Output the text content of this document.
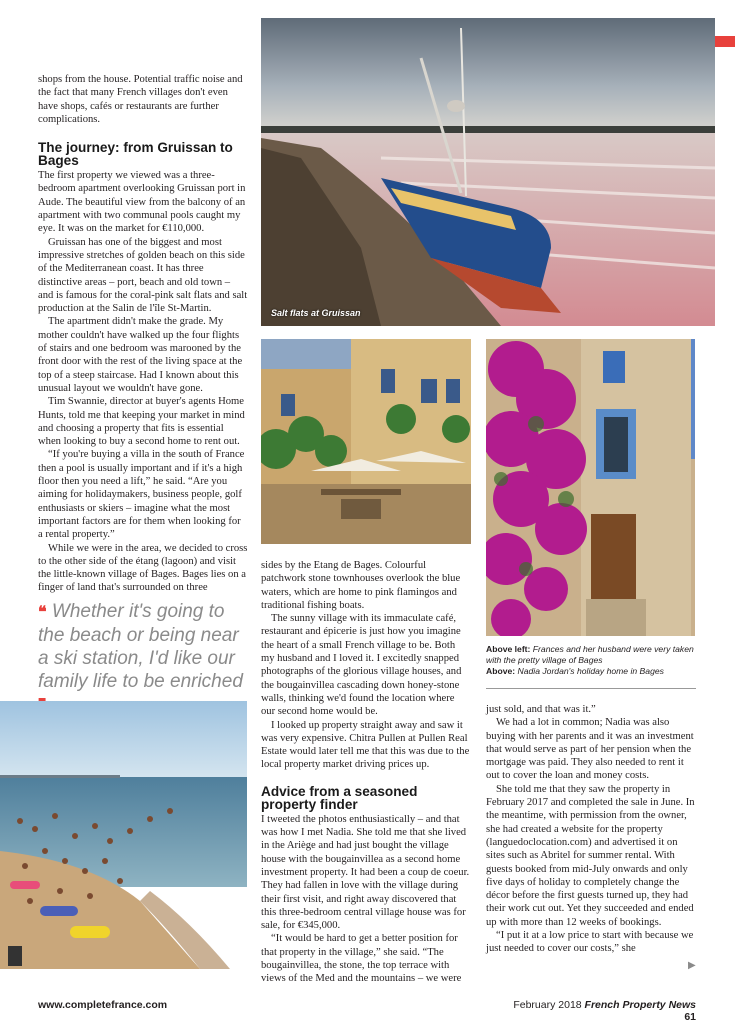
shops from the house. Potential traffic noise and the fact that many French villages don't even have shops, cafés or restaurants are further complications.

The journey: from Gruissan to Bages

The first property we viewed was a three-bedroom apartment overlooking Gruissan port in Aude. The beautiful view from the balcony of an apartment with two communal pools caught my eye. It was on the market for €110,000.

Gruissan has one of the biggest and most impressive stretches of golden beach on this side of the Mediterranean coast. It has three distinctive areas – port, beach and old town – and is famous for the coral-pink salt flats and salt production at the Salin de l'île St-Martin.

The apartment didn't make the grade. My mother couldn't have walked up the four flights of stairs and one bedroom was marooned by the front door with the rest of the living space at the top of a steep staircase. Had I known about this unusual layout we wouldn't have gone.

Tim Swannie, director at buyer's agents Home Hunts, told me that keeping your market in mind and choosing a property that fits is essential when looking to buy a second home to rent out.

“If you're buying a villa in the south of France then a pool is usually important and if it's a high floor then you need a lift,” he said. “Are you aiming for holidaymakers, business people, golf enthusiasts or skiers – imagine what the most important factors are for them when looking for a rental property.”

While we were in the area, we decided to cross to the other side of the étang (lagoon) and visit the little-known village of Bages. Bages lies on a finger of land that's surrounded on three

❝ Whether it's going to the beach or being near a ski station, I'd like our family life to be enriched
Salt flats at Gruissan

sides by the Etang de Bages. Colourful patchwork stone townhouses overlook the blue waters, which are home to pink flamingos and traditional fishing boats.

The sunny village with its immaculate café, restaurant and épicerie is just how you imagine the heart of a small French village to be. Both my husband and I loved it. I excitedly snapped photographs of the glorious village houses, and the bougainvillea cascading down honey-stone walls, thinking we'd found the location where our second home would be.

I looked up property straight away and saw it was very expensive. Chitra Pullen at Pullen Real Estate would later tell me that this was due to the local property market driving prices up.

Advice from a seasoned property finder

I tweeted the photos enthusiastically – and that was how I met Nadia. She told me that she lived in the Ariège and had just bought the village house with the bougainvillea as a second home investment property. It had been a coup de coeur. They had fallen in love with the village during their first visit, and right away discovered that this three-bedroom central village house was for sale, for €345,000.

“It would be hard to get a better position for that property in the village,” she said. “The bougainvillea, the stone, the top terrace with views of the Med and the mountains – we were

Above left: Frances and her husband were very taken with the pretty village of Bages
Above: Nadia Jordan's holiday home in Bages

just sold, and that was it.”

We had a lot in common; Nadia was also buying with her parents and it was an investment that would serve as part of her pension when the mortgage was paid. They also needed to rent it out to cover the loan and money costs.

She told me that they saw the property in February 2017 and completed the sale in June. In the meantime, with permission from the owner, she had created a website for the property (languedoclocation.com) and advertised it on sites such as Abritel for summer rental. With guests booked from mid-July onwards and only five days of holiday to completely change the décor before the first guests turned up, they had their work cut out. Yet they succeeded and ended up with more than 12 weeks of bookings.

“I put it at a low price to start with because we just needed to cover our costs,” she

▶
www.completefrance.com	February 2018 French Property News 61
